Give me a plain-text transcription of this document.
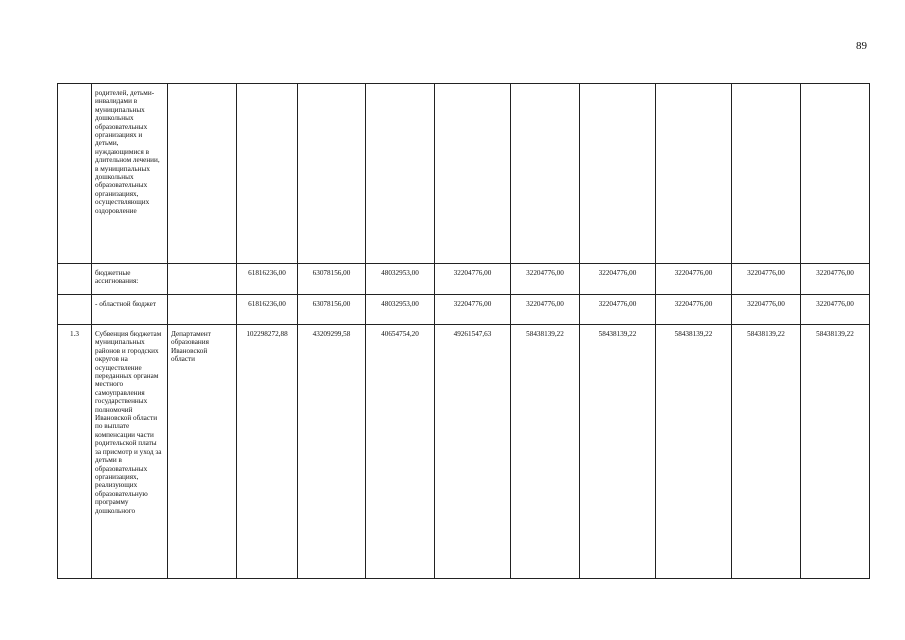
89
	родителей, детьми-инвалидами в муниципальных дошкольных образовательных организациях и детьми, нуждающимися в длительном лечении, в муниципальных дошкольных образовательных организациях, осуществляющих оздоровление										
	бюджетные ассигнования:		61816236,00	63078156,00	48032953,00	32204776,00	32204776,00	32204776,00	32204776,00	32204776,00	32204776,00
	- областной бюджет		61816236,00	63078156,00	48032953,00	32204776,00	32204776,00	32204776,00	32204776,00	32204776,00	32204776,00
1.3	Субвенция бюджетам муниципальных районов и городских округов на осуществление переданных органам местного самоуправления государственных полномочий Ивановской области по выплате компенсации части родительской платы за присмотр и уход за детьми в образовательных организациях, реализующих образовательную программу дошкольного	Департамент образования Ивановской области	102298272,88	43209299,58	40654754,20	49261547,63	58438139,22	58438139,22	58438139,22	58438139,22	58438139,22
